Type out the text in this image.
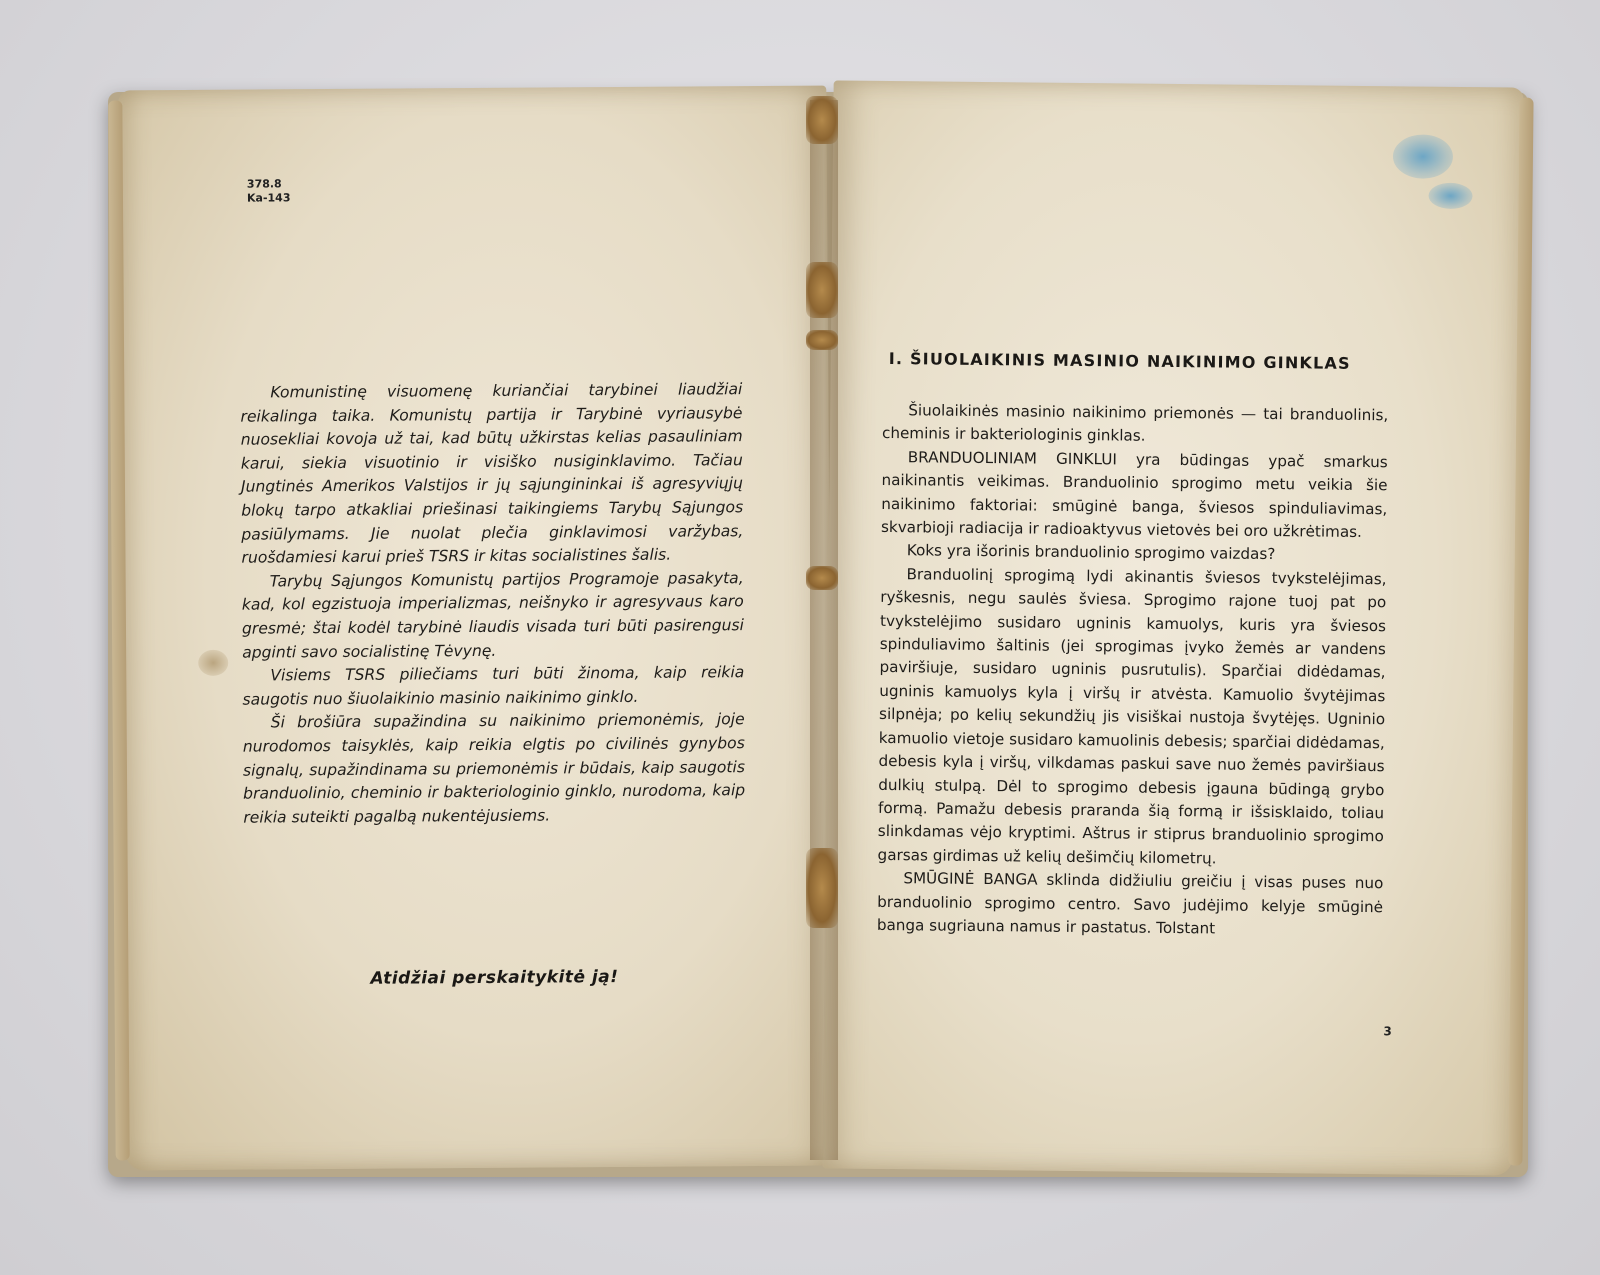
378.8
Ka-143

Komunistinę visuomenę kuriančiai tarybinei liaudžiai reikalinga taika. Komunistų partija ir Tarybinė vyriausybė nuosekliai kovoja už tai, kad būtų užkirstas kelias pasauliniam karui, siekia visuotinio ir visiško nusiginklavimo. Tačiau Jungtinės Amerikos Valstijos ir jų sąjungininkai iš agresyviųjų blokų tarpo atkakliai priešinasi taikingiems Tarybų Sąjungos pasiūlymams. Jie nuolat plečia ginklavimosi varžybas, ruošdamiesi karui prieš TSRS ir kitas socialistines šalis.

Tarybų Sąjungos Komunistų partijos Programoje pasakyta, kad, kol egzistuoja imperializmas, neišnyko ir agresyvaus karo gresmė; štai kodėl tarybinė liaudis visada turi būti pasirengusi apginti savo socialistinę Tėvynę.

Visiems TSRS piliečiams turi būti žinoma, kaip reikia saugotis nuo šiuolaikinio masinio naikinimo ginklo.

Ši brošiūra supažindina su naikinimo priemonėmis, joje nurodomos taisyklės, kaip reikia elgtis po civilinės gynybos signalų, supažindinama su priemonėmis ir būdais, kaip saugotis branduolinio, cheminio ir bakteriologinio ginklo, nurodoma, kaip reikia suteikti pagalbą nukentėjusiems.

Atidžiai perskaitykitė ją!
I. ŠIUOLAIKINIS MASINIO NAIKINIMO GINKLAS

Šiuolaikinės masinio naikinimo priemonės — tai branduolinis, cheminis ir bakteriologinis ginklas.

BRANDUOLINIAM GINKLUI yra būdingas ypač smarkus naikinantis veikimas. Branduolinio sprogimo metu veikia šie naikinimo faktoriai: smūginė banga, šviesos spinduliavimas, skvarbioji radiacija ir radioaktyvus vietovės bei oro užkrėtimas.

Koks yra išorinis branduolinio sprogimo vaizdas?

Branduolinį sprogimą lydi akinantis šviesos tvykstelėjimas, ryškesnis, negu saulės šviesa. Sprogimo rajone tuoj pat po tvykstelėjimo susidaro ugninis kamuolys, kuris yra šviesos spinduliavimo šaltinis (jei sprogimas įvyko žemės ar vandens paviršiuje, susidaro ugninis pusrutulis). Sparčiai didėdamas, ugninis kamuolys kyla į viršų ir atvėsta. Kamuolio švytėjimas silpnėja; po kelių sekundžių jis visiškai nustoja švytėjęs. Ugninio kamuolio vietoje susidaro kamuolinis debesis; sparčiai didėdamas, debesis kyla į viršų, vilkdamas paskui save nuo žemės paviršiaus dulkių stulpą. Dėl to sprogimo debesis įgauna būdingą grybo formą. Pamažu debesis praranda šią formą ir išsisklaido, toliau slinkdamas vėjo kryptimi. Aštrus ir stiprus branduolinio sprogimo garsas girdimas už kelių dešimčių kilometrų.

SMŪGINĖ BANGA sklinda didžiuliu greičiu į visas puses nuo branduolinio sprogimo centro. Savo judėjimo kelyje smūginė banga sugriauna namus ir pastatus. Tolstant

3
